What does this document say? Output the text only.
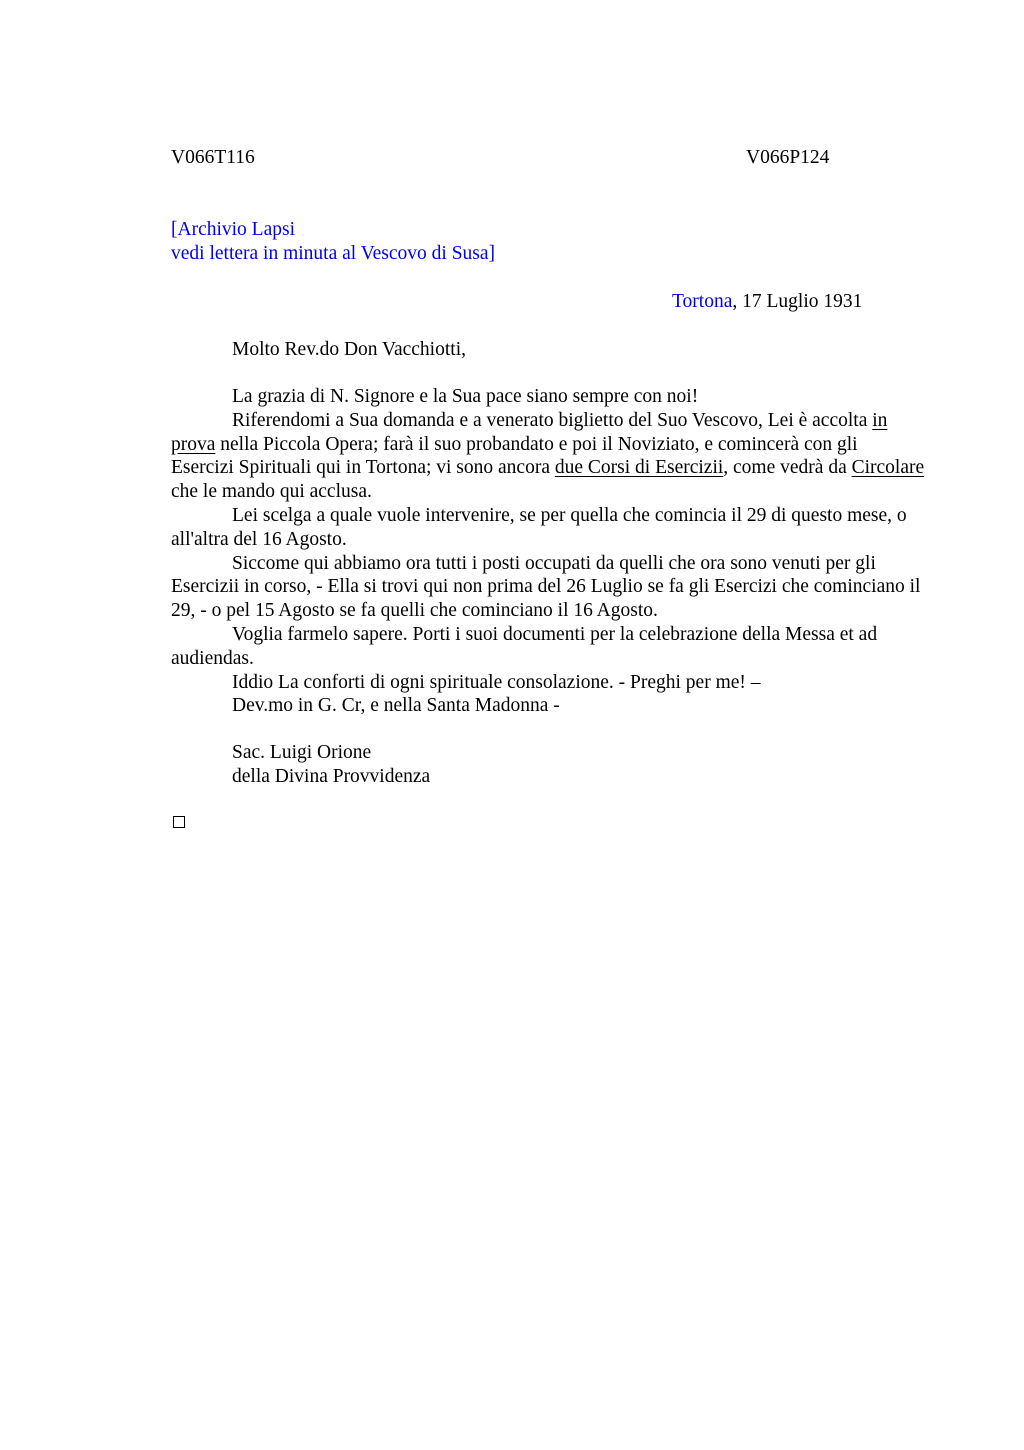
V066T116	V066P124
[Archivio Lapsi
vedi lettera in minuta al Vescovo di Susa]
Tortona, 17 Luglio 1931
Molto Rev.do Don Vacchiotti,

La grazia di N. Signore e la Sua pace siano sempre con noi!

Riferendomi a Sua domanda e a venerato biglietto del Suo Vescovo, Lei è accolta in prova nella Piccola Opera; farà il suo probandato e poi il Noviziato, e comincerà con gli Esercizi Spirituali qui in Tortona; vi sono ancora due Corsi di Esercizii, come vedrà da Circolare che le mando qui acclusa.

Lei scelga a quale vuole intervenire, se per quella che comincia il 29 di questo mese, o all'altra del 16 Agosto.

Siccome qui abbiamo ora tutti i posti occupati da quelli che ora sono venuti per gli Esercizii in corso, - Ella si trovi qui non prima del 26 Luglio se fa gli Esercizi che cominciano il 29, - o pel 15 Agosto se fa quelli che cominciano il 16 Agosto.

Voglia farmelo sapere. Porti i suoi documenti per la celebrazione della Messa et ad audiendas.

Iddio La conforti di ogni spirituale consolazione. - Preghi per me! –

Dev.mo in G. Cr, e nella Santa Madonna -

Sac. Luigi Orione
della Divina Provvidenza
